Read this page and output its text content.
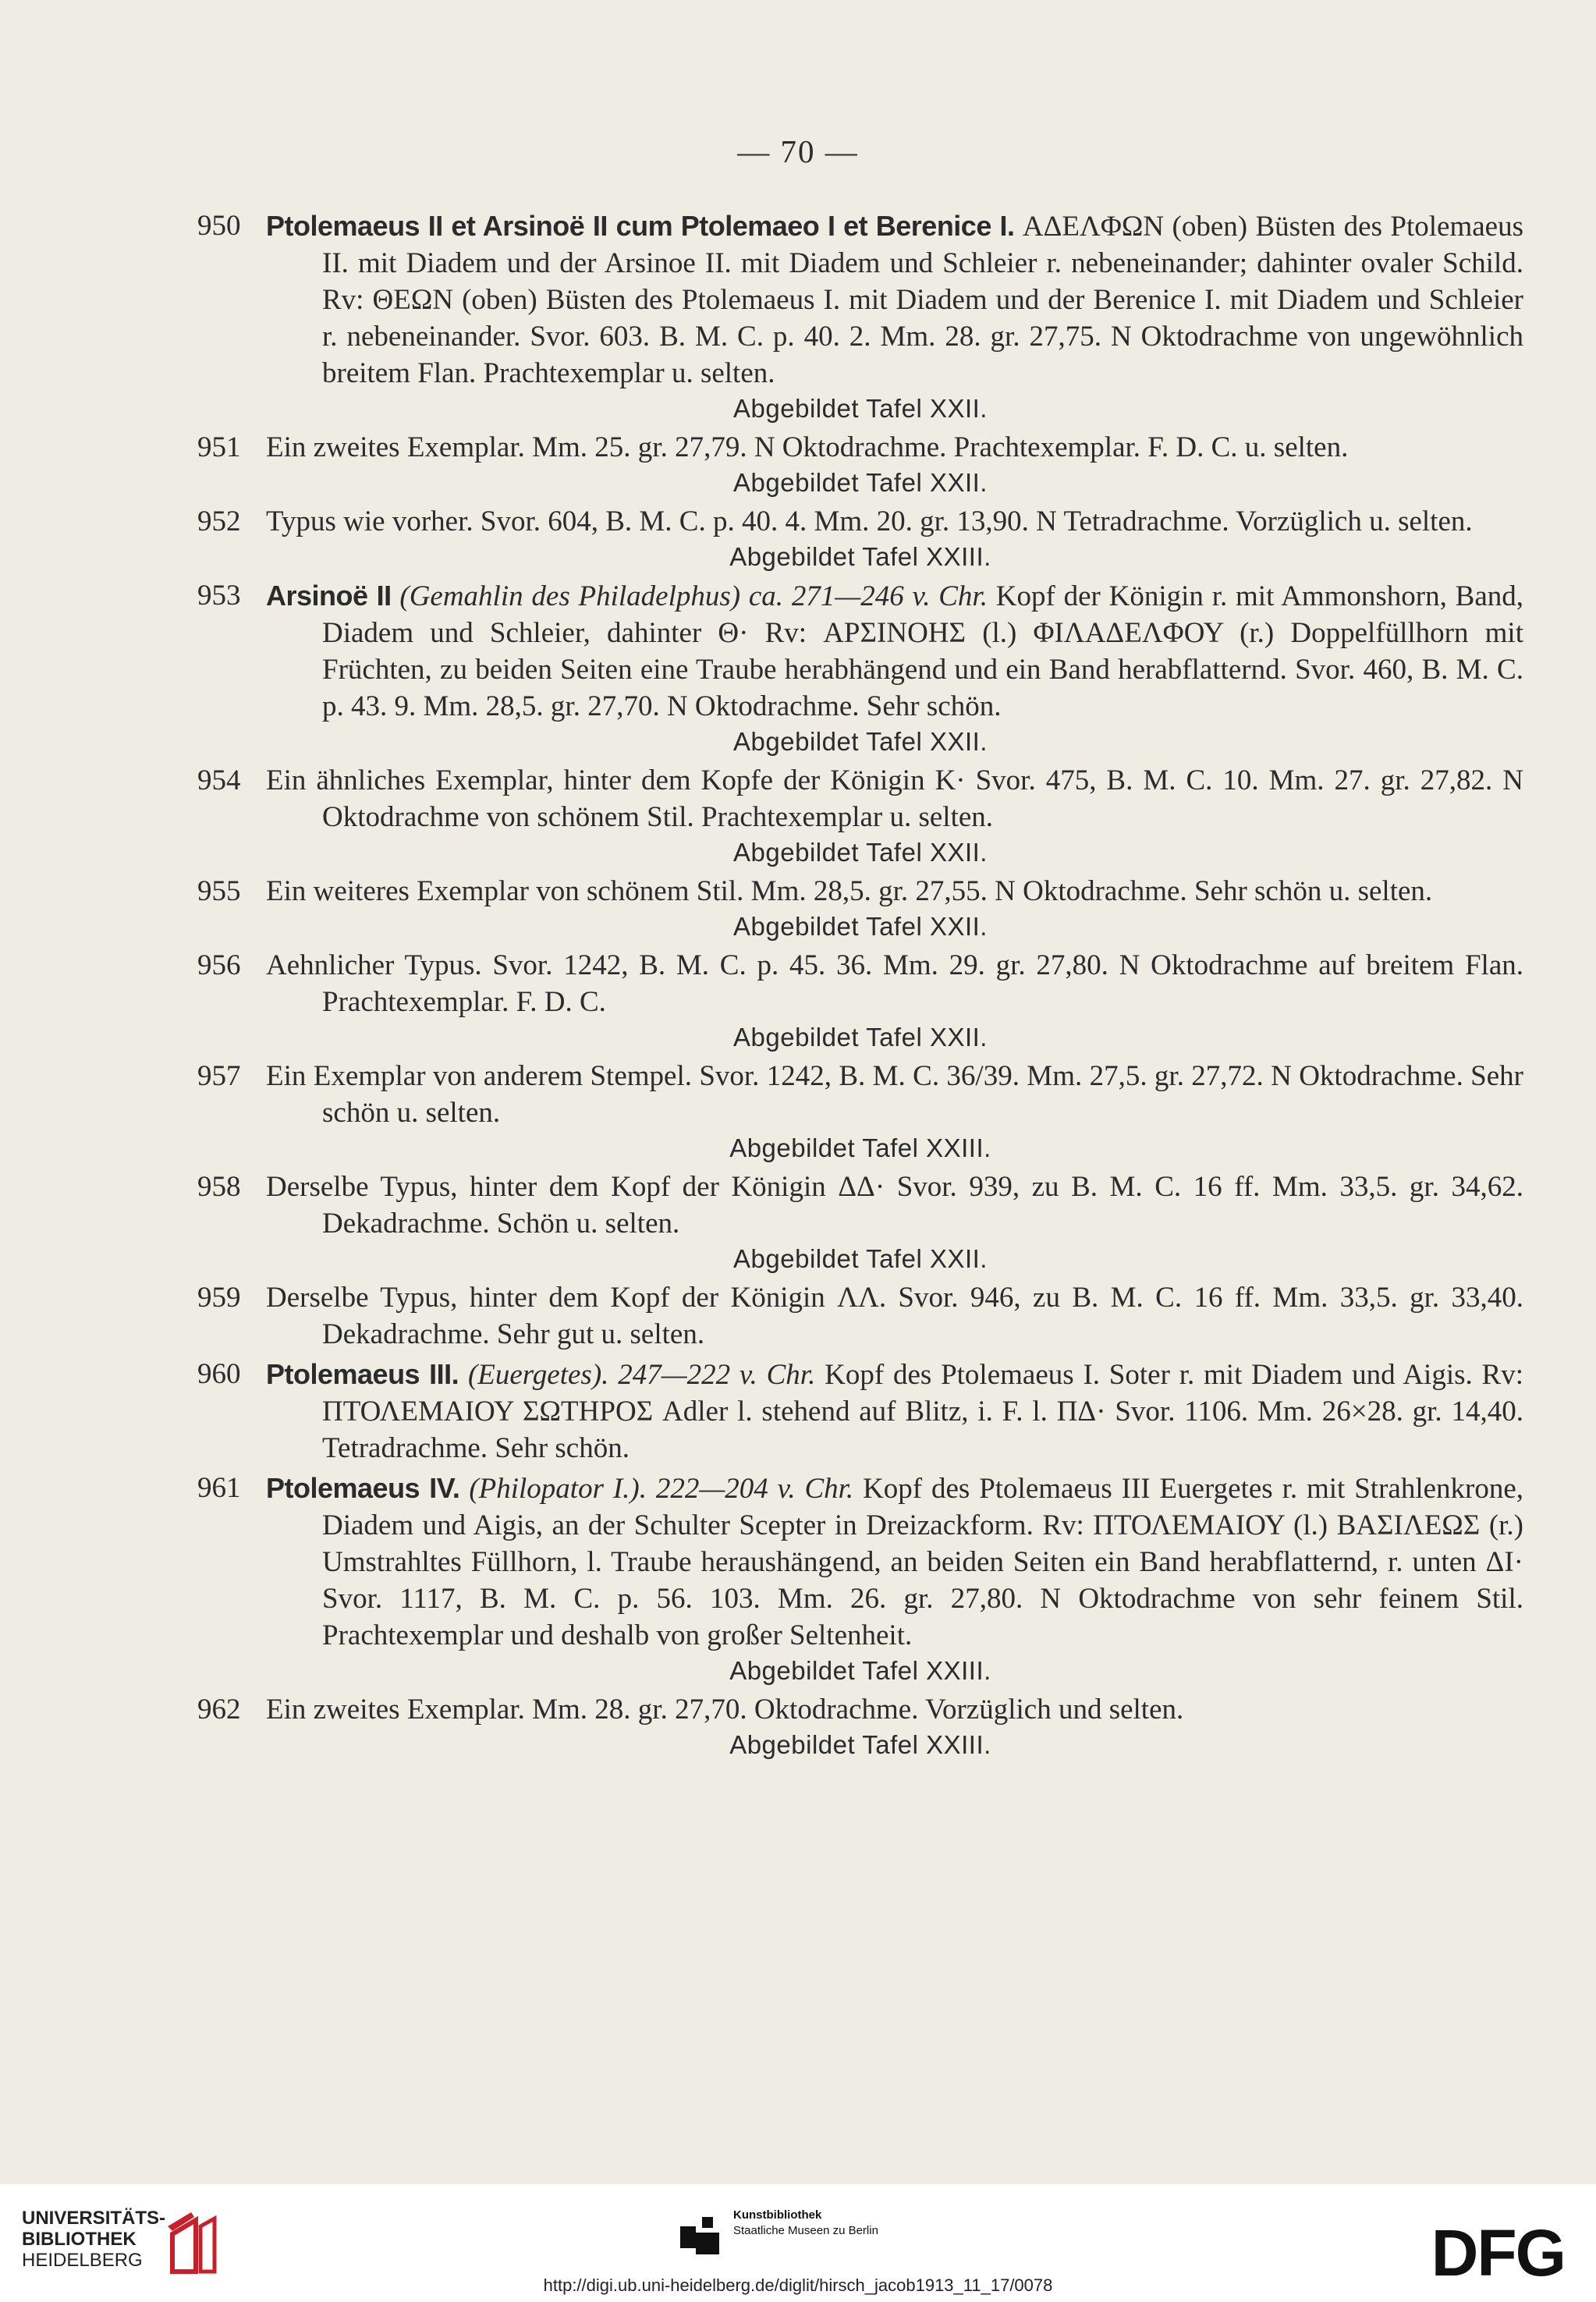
— 70 —
950 Ptolemaeus II et Arsinoë II cum Ptolemaeo I et Berenice I. ΑΔΕΛΦΩΝ (oben) Büsten des Ptolemaeus II. mit Diadem und der Arsinoe II. mit Diadem und Schleier r. nebeneinander; dahinter ovaler Schild. Rv: ΘΕΩΝ (oben) Büsten des Ptolemaeus I. mit Diadem und der Berenice I. mit Diadem und Schleier r. nebeneinander. Svor. 603. B. M. C. p. 40. 2. Mm. 28. gr. 27,75. N Oktodrachme von ungewöhnlich breitem Flan. Prachtexemplar u. selten.
Abgebildet Tafel XXII.
951 Ein zweites Exemplar. Mm. 25. gr. 27,79. N Oktodrachme. Prachtexemplar. F. D. C. u. selten.
Abgebildet Tafel XXII.
952 Typus wie vorher. Svor. 604, B. M. C. p. 40. 4. Mm. 20. gr. 13,90. N Tetradrachme. Vorzüglich u. selten.
Abgebildet Tafel XXIII.
953 Arsinoë II (Gemahlin des Philadelphus) ca. 271—246 v. Chr. Kopf der Königin r. mit Ammonshorn, Band, Diadem und Schleier, dahinter Θ· Rv: ΑΡΣΙΝΟΗΣ (l.) ΦΙΛΑΔΕΛΦΟΥ (r.) Doppelfüllhorn mit Früchten, zu beiden Seiten eine Traube herabhängend und ein Band herabflatternd. Svor. 460, B. M. C. p. 43. 9. Mm. 28,5. gr. 27,70. N Oktodrachme. Sehr schön.
Abgebildet Tafel XXII.
954 Ein ähnliches Exemplar, hinter dem Kopfe der Königin K· Svor. 475, B. M. C. 10. Mm. 27. gr. 27,82. N Oktodrachme von schönem Stil. Prachtexemplar u. selten.
Abgebildet Tafel XXII.
955 Ein weiteres Exemplar von schönem Stil. Mm. 28,5. gr. 27,55. N Oktodrachme. Sehr schön u. selten.
Abgebildet Tafel XXII.
956 Aehnlicher Typus. Svor. 1242, B. M. C. p. 45. 36. Mm. 29. gr. 27,80. N Oktodrachme auf breitem Flan. Prachtexemplar. F. D. C.
Abgebildet Tafel XXII.
957 Ein Exemplar von anderem Stempel. Svor. 1242, B. M. C. 36/39. Mm. 27,5. gr. 27,72. N Oktodrachme. Sehr schön u. selten.
Abgebildet Tafel XXIII.
958 Derselbe Typus, hinter dem Kopf der Königin ΔΔ· Svor. 939, zu B. M. C. 16 ff. Mm. 33,5. gr. 34,62. Dekadrachme. Schön u. selten.
Abgebildet Tafel XXII.
959 Derselbe Typus, hinter dem Kopf der Königin ΛΛ. Svor. 946, zu B. M. C. 16 ff. Mm. 33,5. gr. 33,40. Dekadrachme. Sehr gut u. selten.
960 Ptolemaeus III. (Euergetes). 247—222 v. Chr. Kopf des Ptolemaeus I. Soter r. mit Diadem und Aigis. Rv: ΠΤΟΛΕΜΑΙΟΥ ΣΩΤΗΡΟΣ Adler l. stehend auf Blitz, i. F. l. ΠΔ· Svor. 1106. Mm. 26×28. gr. 14,40. Tetradrachme. Sehr schön.
961 Ptolemaeus IV. (Philopator I.). 222—204 v. Chr. Kopf des Ptolemaeus III Euergetes r. mit Strahlenkrone, Diadem und Aigis, an der Schulter Scepter in Dreizackform. Rv: ΠΤΟΛΕΜΑΙΟΥ (l.) ΒΑΣΙΛΕΩΣ (r.) Umstrahltes Füllhorn, l. Traube heraushängend, an beiden Seiten ein Band herabflatternd, r. unten ΔΙ· Svor. 1117, B. M. C. p. 56. 103. Mm. 26. gr. 27,80. N Oktodrachme von sehr feinem Stil. Prachtexemplar und deshalb von großer Seltenheit.
Abgebildet Tafel XXIII.
962 Ein zweites Exemplar. Mm. 28. gr. 27,70. Oktodrachme. Vorzüglich und selten.
Abgebildet Tafel XXIII.
UNIVERSITÄTS-
BIBLIOTHEK
HEIDELBERG
Kunstbibliothek
Staatliche Museen zu Berlin	DFG
http://digi.ub.uni-heidelberg.de/diglit/hirsch_jacob1913_11_17/0078
